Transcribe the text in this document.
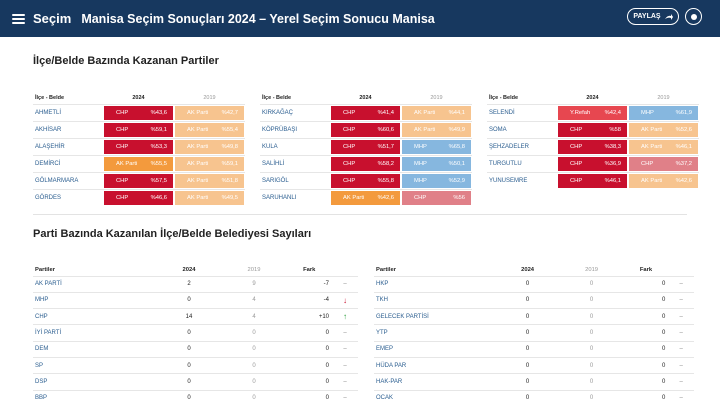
Seçim Manisa Seçim Sonuçları 2024 – Yerel Seçim Sonucu Manisa	PAYLAŞ
İlçe/Belde Bazında Kazanan Partiler
İlçe - Belde	2024	2019
AHMETLİ	CHP %43,6	AK Parti %42,7

AKHİSAR	CHP %59,1	AK Parti %55,4

ALAŞEHİR	CHP %53,3	AK Parti %49,8

DEMİRCİ	AK Parti %55,5	AK Parti %59,1

GÖLMARMARA	CHP %57,5	AK Parti %51,8

GÖRDES	CHP %46,6	AK Parti %49,5
İlçe - Belde	2024	2019
KIRKAĞAÇ	CHP %41,4	AK Parti %44,1

KÖPRÜBAŞI	CHP %60,6	AK Parti %49,9

KULA	CHP %51,7	MHP %65,8

SALİHLİ	CHP %58,2	MHP %50,1

SARIGÖL	CHP %55,8	MHP %52,9

SARUHANLI	AK Parti %42,6	CHP %56
İlçe - Belde	2024	2019
SELENDİ	Y.Refah %42,4	MHP %61,9

SOMA	CHP %58	AK Parti %52,6

ŞEHZADELER	CHP %38,3	AK Parti %46,1

TURGUTLU	CHP %36,9	CHP %37,2

YUNUSEMRE	CHP %46,1	AK Parti %42,6
Parti Bazında Kazanılan İlçe/Belde Belediyesi Sayıları
Partiler	2024	2019	Fark	
AK PARTİ	2	9	-7	–
MHP	0	4	-4	↓
CHP	14	4	+10	↑
İYİ PARTİ	0	0	0	–
DEM	0	0	0	–
SP	0	0	0	–
DSP	0	0	0	–
BBP	0	0	0	–
Partiler	2024	2019	Fark	
HKP	0	0	0	–
TKH	0	0	0	–
GELECEK PARTİSİ	0	0	0	–
YTP	0	0	0	–
EMEP	0	0	0	–
HÜDA PAR	0	0	0	–
HAK-PAR	0	0	0	–
OCAK	0	0	0	–
